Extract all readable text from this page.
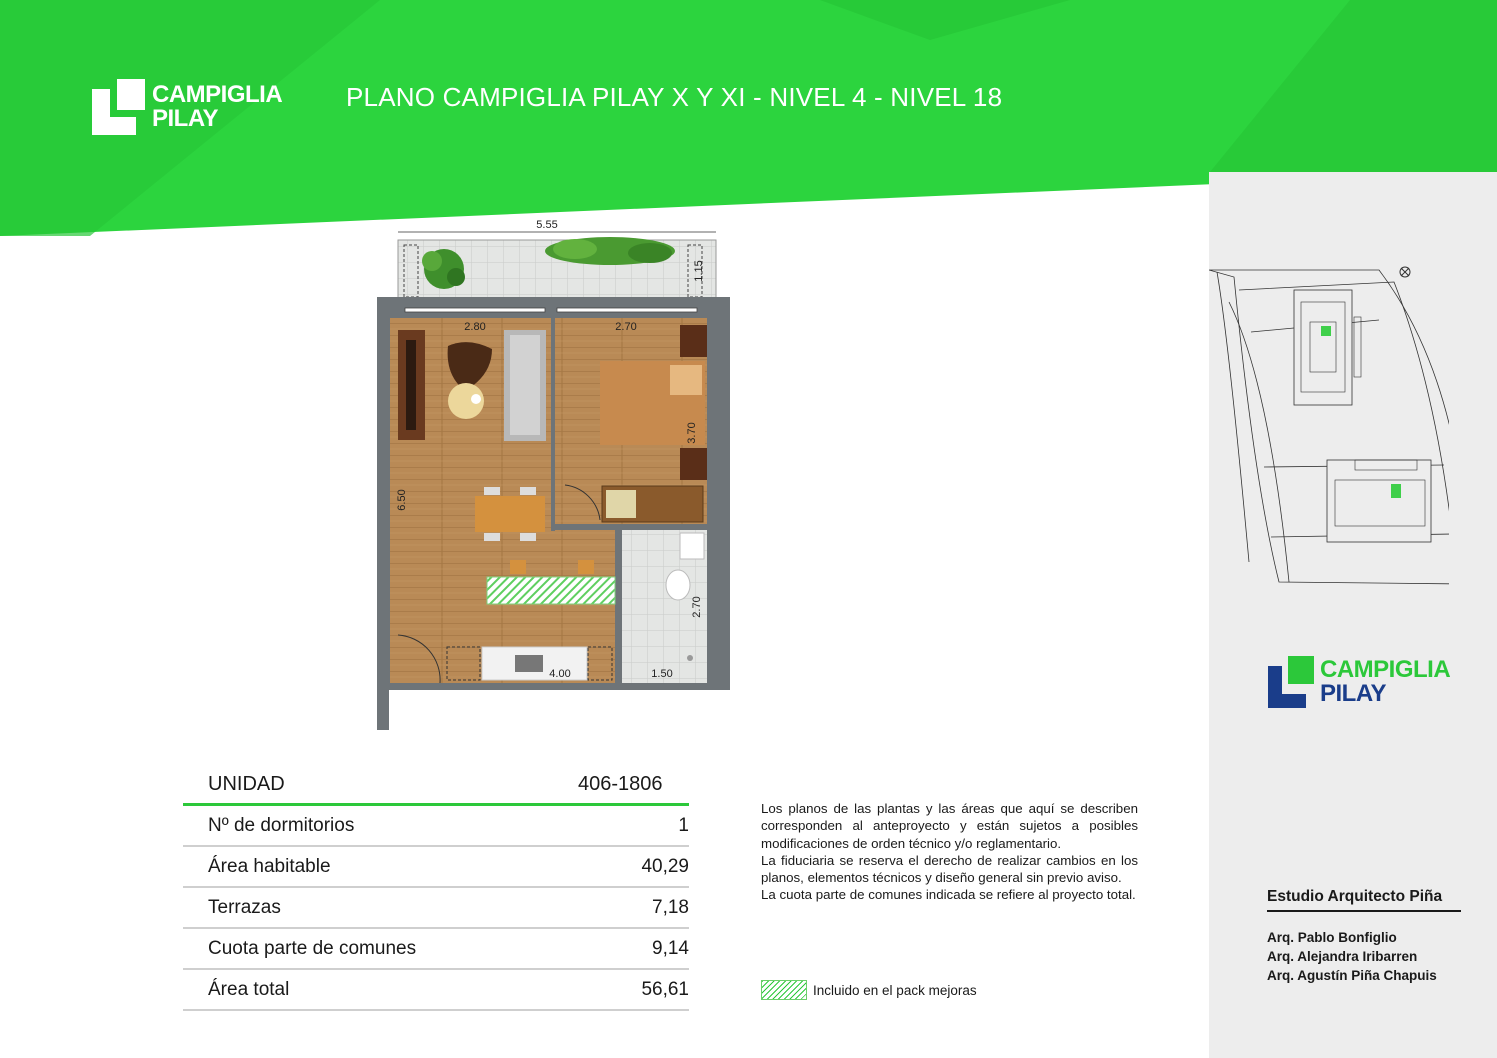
CAMPIGLIA
PILAY
PLANO CAMPIGLIA PILAY X Y XI - NIVEL 4 - NIVEL 18
5.55
1.15
2.80	2.70
3.70
6.50
2.70
4.00	1.50	CAMPIGLIA
PILAY
UNIDAD	406-1806
Nº de dormitorios	1
Área habitable	40,29
Terrazas	7,18
Cuota parte de comunes	9,14
Área total	56,61

Los planos de las plantas y las áreas que aquí se describen corresponden al anteproyecto y están sujetos a posibles modificaciones de orden técnico y/o reglamentario.

La fiduciaria se reserva el derecho de realizar cambios en los planos, elementos técnicos y diseño general sin previo aviso.

La cuota parte de comunes indicada se refiere al proyecto total.

Incluido en el pack mejoras
Estudio Arquitecto Piña
Arq. Pablo Bonfiglio
Arq. Alejandra Iribarren
Arq. Agustín Piña Chapuis
